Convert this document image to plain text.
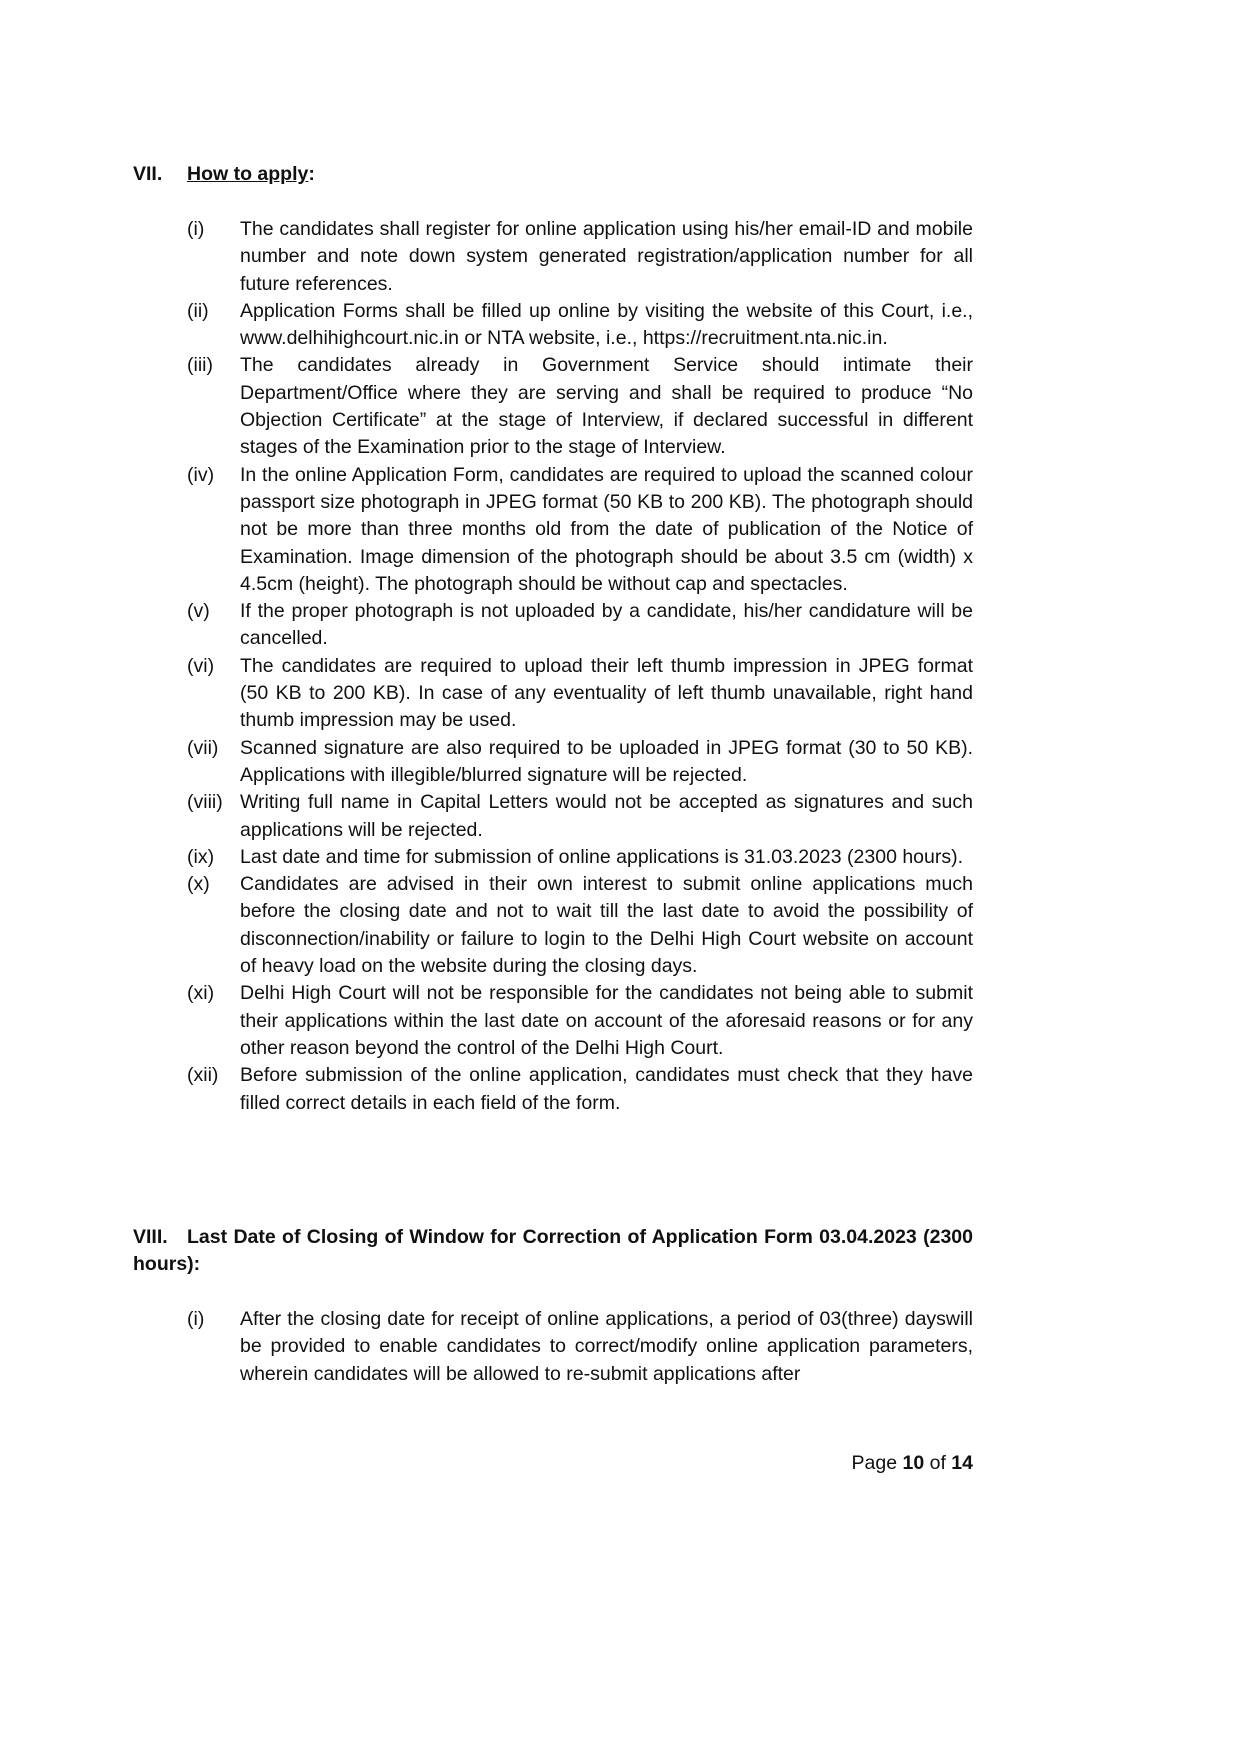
VII. How to apply:
(i)	The candidates shall register for online application using his/her email-ID and mobile number and note down system generated registration/application number for all future references.
(ii)	Application Forms shall be filled up online by visiting the website of this Court, i.e., www.delhihighcourt.nic.in or NTA website, i.e., https://recruitment.nta.nic.in.
(iii)	The candidates already in Government Service should intimate their Department/Office where they are serving and shall be required to produce “No Objection Certificate” at the stage of Interview, if declared successful in different stages of the Examination prior to the stage of Interview.
(iv)	In the online Application Form, candidates are required to upload the scanned colour passport size photograph in JPEG format (50 KB to 200 KB). The photograph should not be more than three months old from the date of publication of the Notice of Examination. Image dimension of the photograph should be about 3.5 cm (width) x 4.5cm (height). The photograph should be without cap and spectacles.
(v)	If the proper photograph is not uploaded by a candidate, his/her candidature will be cancelled.
(vi)	The candidates are required to upload their left thumb impression in JPEG format (50 KB to 200 KB). In case of any eventuality of left thumb unavailable, right hand thumb impression may be used.
(vii)	Scanned signature are also required to be uploaded in JPEG format (30 to 50 KB). Applications with illegible/blurred signature will be rejected.
(viii) Writing full name in Capital Letters would not be accepted as signatures and such applications will be rejected.
(ix)	Last date and time for submission of online applications is 31.03.2023 (2300 hours).
(x)	Candidates are advised in their own interest to submit online applications much before the closing date and not to wait till the last date to avoid the possibility of disconnection/inability or failure to login to the Delhi High Court website on account of heavy load on the website during the closing days.
(xi)	Delhi High Court will not be responsible for the candidates not being able to submit their applications within the last date on account of the aforesaid reasons or for any other reason beyond the control of the Delhi High Court.
(xii)	Before submission of the online application, candidates must check that they have filled correct details in each field of the form.
VIII. Last Date of Closing of Window for Correction of Application Form 03.04.2023 (2300 hours):
(i)	After the closing date for receipt of online applications, a period of 03(three) dayswill be provided to enable candidates to correct/modify online application parameters, wherein candidates will be allowed to re-submit applications after
Page 10 of 14
